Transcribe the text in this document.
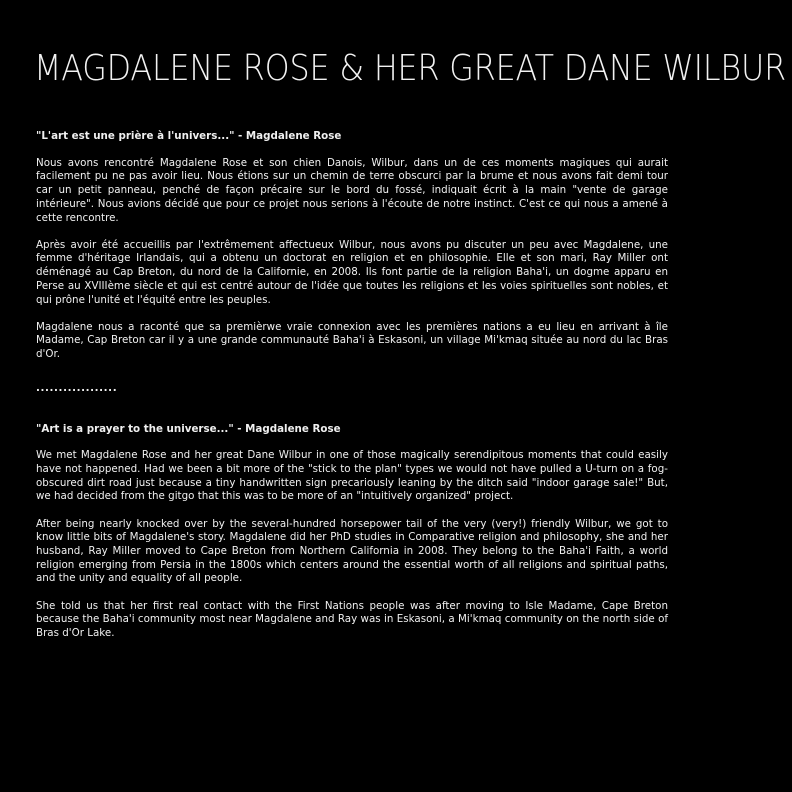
MAGDALENE ROSE & HER GREAT DANE WILBUR

"L'art est une prière à l'univers..." - Magdalene Rose

Nous avons rencontré Magdalene Rose et son chien Danois, Wilbur, dans un de ces moments magiques qui aurait facilement pu ne pas avoir lieu. Nous étions sur un chemin de terre obscurci par la brume et nous avons fait demi tour car un petit panneau, penché de façon précaire sur le bord du fossé, indiquait écrit à la main "vente de garage intérieure". Nous avions décidé que pour ce projet nous serions à l'écoute de notre instinct. C'est ce qui nous a amené à cette rencontre.

Après avoir été accueillis par l'extrêmement affectueux Wilbur, nous avons pu discuter un peu avec Magdalene, une femme d'héritage Irlandais, qui a obtenu un doctorat en religion et en philosophie. Elle et son mari, Ray Miller ont déménagé au Cap Breton, du nord de la Californie, en 2008. Ils font partie de la religion Baha'i, un dogme apparu en Perse au XVIIIème siècle et qui est centré autour de l'idée que toutes les religions et les voies spirituelles sont nobles, et qui prône l'unité et l'équité entre les peuples.

Magdalene nous a raconté que sa premièrwe vraie connexion avec les premières nations a eu lieu en arrivant à île Madame, Cap Breton car il y a une grande communauté Baha'i à Eskasoni, un village Mi'kmaq située au nord du lac Bras d'Or.

..................

"Art is a prayer to the universe..." - Magdalene Rose

We met Magdalene Rose and her great Dane Wilbur in one of those magically serendipitous moments that could easily have not happened. Had we been a bit more of the "stick to the plan" types we would not have pulled a U-turn on a fog-obscured dirt road just because a tiny handwritten sign precariously leaning by the ditch said "indoor garage sale!" But, we had decided from the gitgo that this was to be more of an "intuitively organized" project.

After being nearly knocked over by the several-hundred horsepower tail of the very (very!) friendly Wilbur, we got to know little bits of Magdalene's story. Magdalene did her PhD studies in Comparative religion and philosophy, she and her husband, Ray Miller moved to Cape Breton from Northern California in 2008. They belong to the Baha'i Faith, a world religion emerging from Persia in the 1800s which centers around the essential worth of all religions and spiritual paths, and the unity and equality of all people.

She told us that her first real contact with the First Nations people was after moving to Isle Madame, Cape Breton because the Baha'i community most near Magdalene and Ray was in Eskasoni, a Mi'kmaq community on the north side of Bras d'Or Lake.
